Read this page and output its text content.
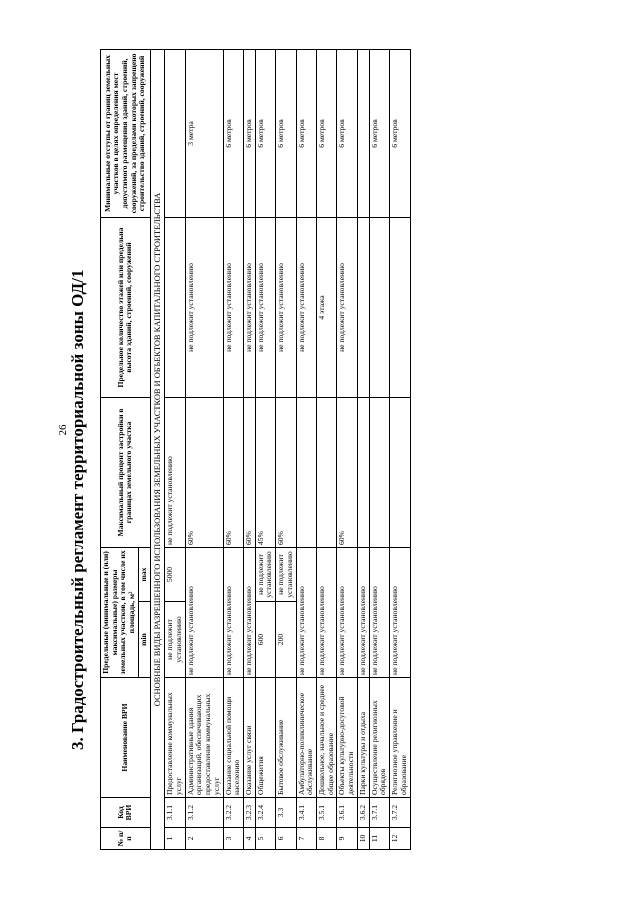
26 3. Градостроительный регламент территориальной зоны ОД/1
№ п/п	Код ВРИ	Наименование ВРИ	Предельные (минимальные и (или) максимальные) размеры земельных участков, в том числе их площадь, м²		Максимальный процент застройки в границах земельного участка	Предельное количество этажей или предельна высота зданий, строений, сооружений	Минимальные отступы от границ земельных участков в целях определения мест допустимого размещения зданий, строений, сооружений, за пределами которых запрещено строительство зданий, строений, сооружений
			min	max			
ОСНОВНЫЕ ВИДЫ РАЗРЕШЕННОГО ИСПОЛЬЗОВАНИЯ ЗЕМЕЛЬНЫХ УЧАСТКОВ И ОБЪЕКТОВ КАПИТАЛЬНОГО СТРОИТЕЛЬСТВА							
1	3.1.1	Предоставление коммунальных услуг	не подлежит установлению	5000	не подлежит установлению		
2	3.1.2	Административные здания организаций, обеспечивающих предоставление коммунальных услуг	не подлежит установлению		60%	не подлежит установлению	3 метра
3	3.2.2	Оказание социальной помощи населению	не подлежит установлению		60%	не подлежит установлению	6 метров
4	3.2.3	Оказание услуг связи	не подлежит установлению		60%	не подлежит установлению	6 метров
5	3.2.4	Общежития	600	не подлежит установлению	45%	не подлежит установлению	6 метров
6	3.3	Бытовое обслуживание	200	не подлежит установлению	60%	не подлежит установлению	6 метров
7	3.4.1	Амбулаторно-поликлиническое обслуживание	не подлежит установлению			не подлежит установлению	6 метров
8	3.5.1	Дошкольное, начальное и среднее общее образование	не подлежит установлению			4 этажа	6 метров
9	3.6.1	Объекты культурно-досуговой деятельности	не подлежит установлению		60%	не подлежит установлению	6 метров
10	3.6.2	Парки культуры и отдыха	не подлежит установлению				
11	3.7.1	Осуществление религиозных обрядов	не подлежит установлению				6 метров
12	3.7.2	Религиозное управление и образование	не подлежит установлению				6 метров
